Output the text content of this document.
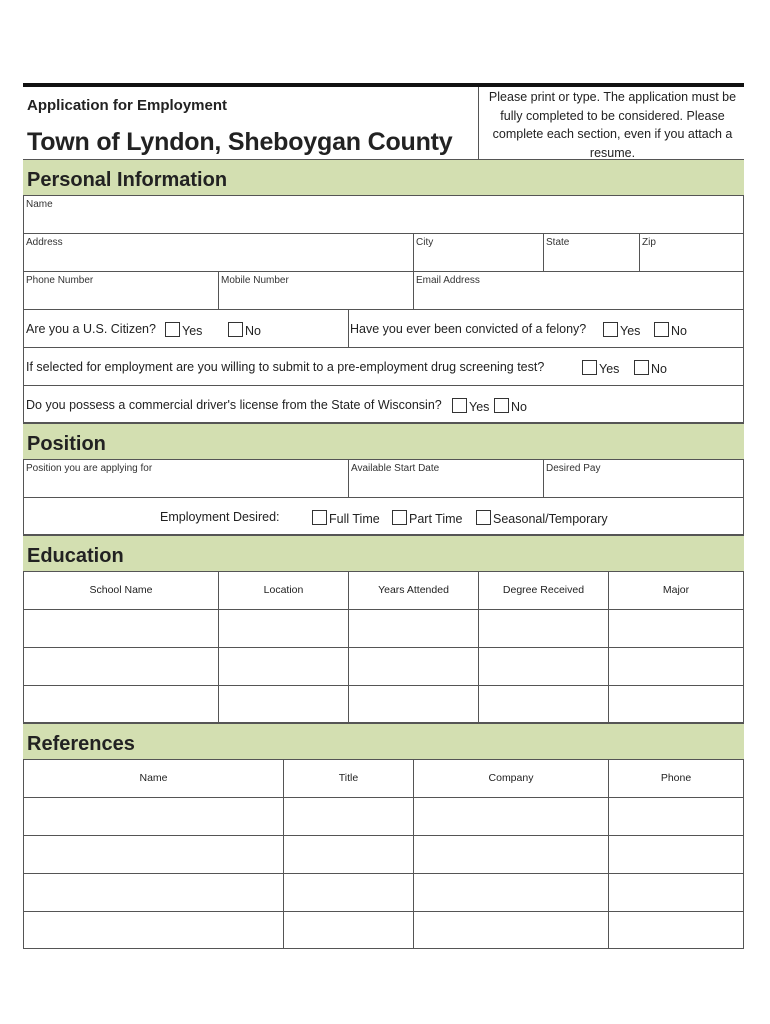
Application for Employment
Town of Lyndon, Sheboygan County
Please print or type. The application must be fully completed to be considered. Please complete each section, even if you attach a resume.
Personal Information
Name
Address	City	State	Zip
Phone Number	Mobile Number	Email Address
Are you a U.S. Citizen?	Yes	No	Have you ever been convicted of a felony?	Yes	No
If selected for employment are you willing to submit to a pre-employment drug screening test?	Yes	No
Do you possess a commercial driver's license from the State of Wisconsin?	Yes	No
Position
Position you are applying for	Available Start Date	Desired Pay
Employment Desired:	Full Time	Part Time	Seasonal/Temporary
Education
School Name	Location	Years Attended	Degree Received	Major
References
Name	Title	Company	Phone
